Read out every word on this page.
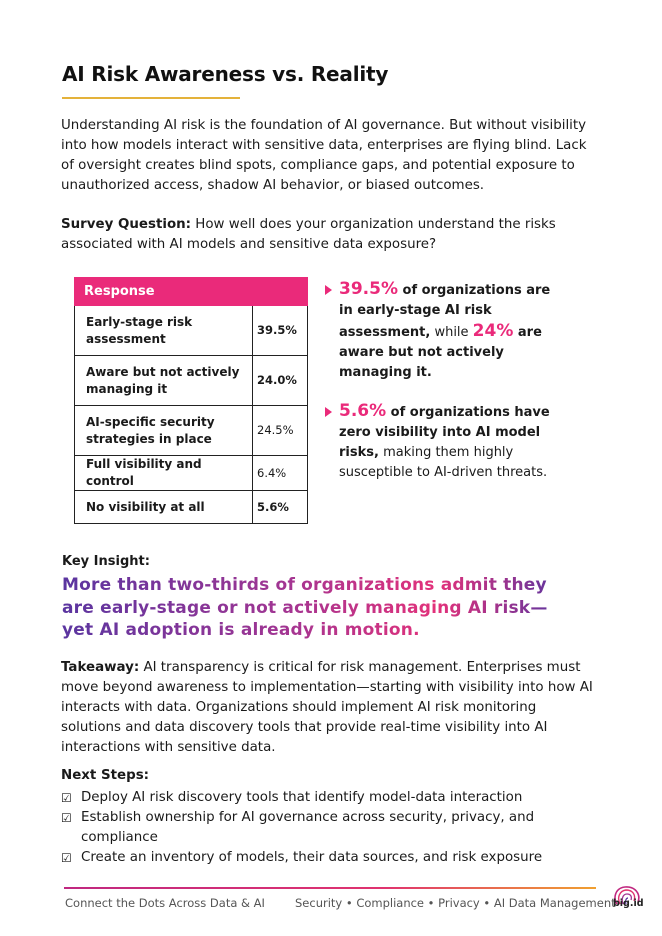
AI Risk Awareness vs. Reality

Understanding AI risk is the foundation of AI governance. But without visibility into how models interact with sensitive data, enterprises are flying blind. Lack of oversight creates blind spots, compliance gaps, and potential exposure to unauthorized access, shadow AI behavior, or biased outcomes.

Survey Question: How well does your organization understand the risks associated with AI models and sensitive data exposure?

Response	
Early-stage risk assessment	39.5%
Aware but not actively managing it	24.0%
AI-specific security strategies in place	24.5%
Full visibility and control	6.4%
No visibility at all	5.6%
39.5% of organizations are in early-stage AI risk assessment, while 24% are aware but not actively managing it.
5.6% of organizations have zero visibility into AI model risks, making them highly susceptible to AI-driven threats.

Key Insight:

More than two-thirds of organizations admit they are early-stage or not actively managing AI risk—yet AI adoption is already in motion.

Takeaway: AI transparency is critical for risk management. Enterprises must move beyond awareness to implementation—starting with visibility into how AI interacts with data. Organizations should implement AI risk monitoring solutions and data discovery tools that provide real-time visibility into AI interactions with sensitive data.

Next Steps:

☑ Deploy AI risk discovery tools that identify model-data interaction
☑ Establish ownership for AI governance across security, privacy, and compliance
☑ Create an inventory of models, their data sources, and risk exposure

Connect the Dots Across Data & AI	Security • Compliance • Privacy • AI Data Management

big.id
